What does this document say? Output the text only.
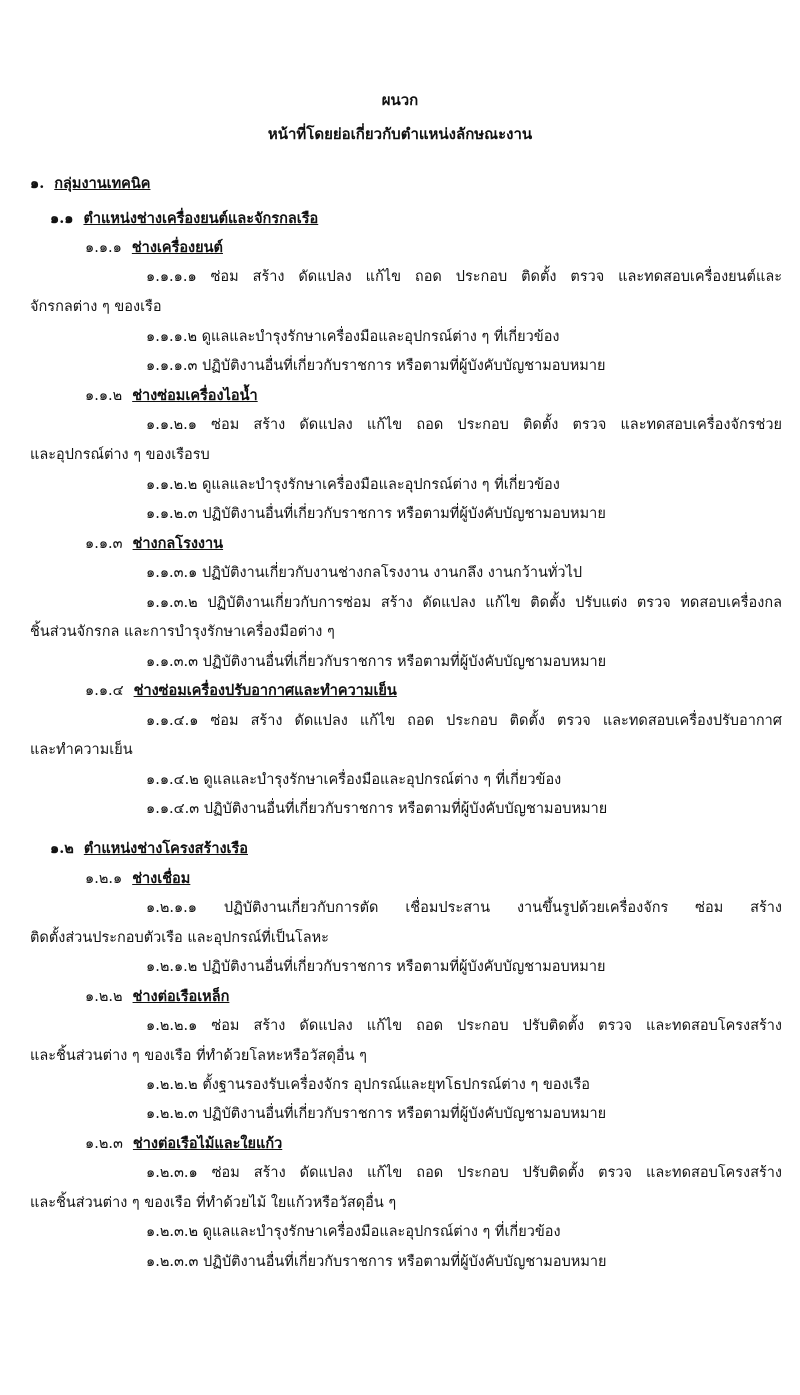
ผนวก
หน้าที่โดยย่อเกี่ยวกับตำแหน่งลักษณะงาน
๑. กลุ่มงานเทคนิค
๑.๑ ตำแหน่งช่างเครื่องยนต์และจักรกลเรือ
๑.๑.๑ ช่างเครื่องยนต์
๑.๑.๑.๑ ซ่อม สร้าง ดัดแปลง แก้ไข ถอด ประกอบ ติดตั้ง ตรวจ และทดสอบเครื่องยนต์และ
จักรกลต่าง ๆ ของเรือ
๑.๑.๑.๒ ดูแลและบำรุงรักษาเครื่องมือและอุปกรณ์ต่าง ๆ ที่เกี่ยวข้อง
๑.๑.๑.๓ ปฏิบัติงานอื่นที่เกี่ยวกับราชการ หรือตามที่ผู้บังคับบัญชามอบหมาย
๑.๑.๒ ช่างซ่อมเครื่องไอน้ำ
๑.๑.๒.๑ ซ่อม สร้าง ดัดแปลง แก้ไข ถอด ประกอบ ติดตั้ง ตรวจ และทดสอบเครื่องจักรช่วย
และอุปกรณ์ต่าง ๆ ของเรือรบ
๑.๑.๒.๒ ดูแลและบำรุงรักษาเครื่องมือและอุปกรณ์ต่าง ๆ ที่เกี่ยวข้อง
๑.๑.๒.๓ ปฏิบัติงานอื่นที่เกี่ยวกับราชการ หรือตามที่ผู้บังคับบัญชามอบหมาย
๑.๑.๓ ช่างกลโรงงาน
๑.๑.๓.๑ ปฏิบัติงานเกี่ยวกับงานช่างกลโรงงาน งานกลึง งานกว้านทั่วไป
๑.๑.๓.๒ ปฏิบัติงานเกี่ยวกับการซ่อม สร้าง ดัดแปลง แก้ไข ติดตั้ง ปรับแต่ง ตรวจ ทดสอบเครื่องกล
ชิ้นส่วนจักรกล และการบำรุงรักษาเครื่องมือต่าง ๆ
๑.๑.๓.๓ ปฏิบัติงานอื่นที่เกี่ยวกับราชการ หรือตามที่ผู้บังคับบัญชามอบหมาย
๑.๑.๔ ช่างซ่อมเครื่องปรับอากาศและทำความเย็น
๑.๑.๔.๑ ซ่อม สร้าง ดัดแปลง แก้ไข ถอด ประกอบ ติดตั้ง ตรวจ และทดสอบเครื่องปรับอากาศ
และทำความเย็น
๑.๑.๔.๒ ดูแลและบำรุงรักษาเครื่องมือและอุปกรณ์ต่าง ๆ ที่เกี่ยวข้อง
๑.๑.๔.๓ ปฏิบัติงานอื่นที่เกี่ยวกับราชการ หรือตามที่ผู้บังคับบัญชามอบหมาย
๑.๒ ตำแหน่งช่างโครงสร้างเรือ
๑.๒.๑ ช่างเชื่อม
๑.๒.๑.๑ ปฏิบัติงานเกี่ยวกับการตัด เชื่อมประสาน งานขึ้นรูปด้วยเครื่องจักร ซ่อม สร้าง
ติดตั้งส่วนประกอบตัวเรือ และอุปกรณ์ที่เป็นโลหะ
๑.๒.๑.๒ ปฏิบัติงานอื่นที่เกี่ยวกับราชการ หรือตามที่ผู้บังคับบัญชามอบหมาย
๑.๒.๒ ช่างต่อเรือเหล็ก
๑.๒.๒.๑ ซ่อม สร้าง ดัดแปลง แก้ไข ถอด ประกอบ ปรับติดตั้ง ตรวจ และทดสอบโครงสร้าง
และชิ้นส่วนต่าง ๆ ของเรือ ที่ทำด้วยโลหะหรือวัสดุอื่น ๆ
๑.๒.๒.๒ ตั้งฐานรองรับเครื่องจักร อุปกรณ์และยุทโธปกรณ์ต่าง ๆ ของเรือ
๑.๒.๒.๓ ปฏิบัติงานอื่นที่เกี่ยวกับราชการ หรือตามที่ผู้บังคับบัญชามอบหมาย
๑.๒.๓ ช่างต่อเรือไม้และใยแก้ว
๑.๒.๓.๑ ซ่อม สร้าง ดัดแปลง แก้ไข ถอด ประกอบ ปรับติดตั้ง ตรวจ และทดสอบโครงสร้าง
และชิ้นส่วนต่าง ๆ ของเรือ ที่ทำด้วยไม้ ใยแก้วหรือวัสดุอื่น ๆ
๑.๒.๓.๒ ดูแลและบำรุงรักษาเครื่องมือและอุปกรณ์ต่าง ๆ ที่เกี่ยวข้อง
๑.๒.๓.๓ ปฏิบัติงานอื่นที่เกี่ยวกับราชการ หรือตามที่ผู้บังคับบัญชามอบหมาย
